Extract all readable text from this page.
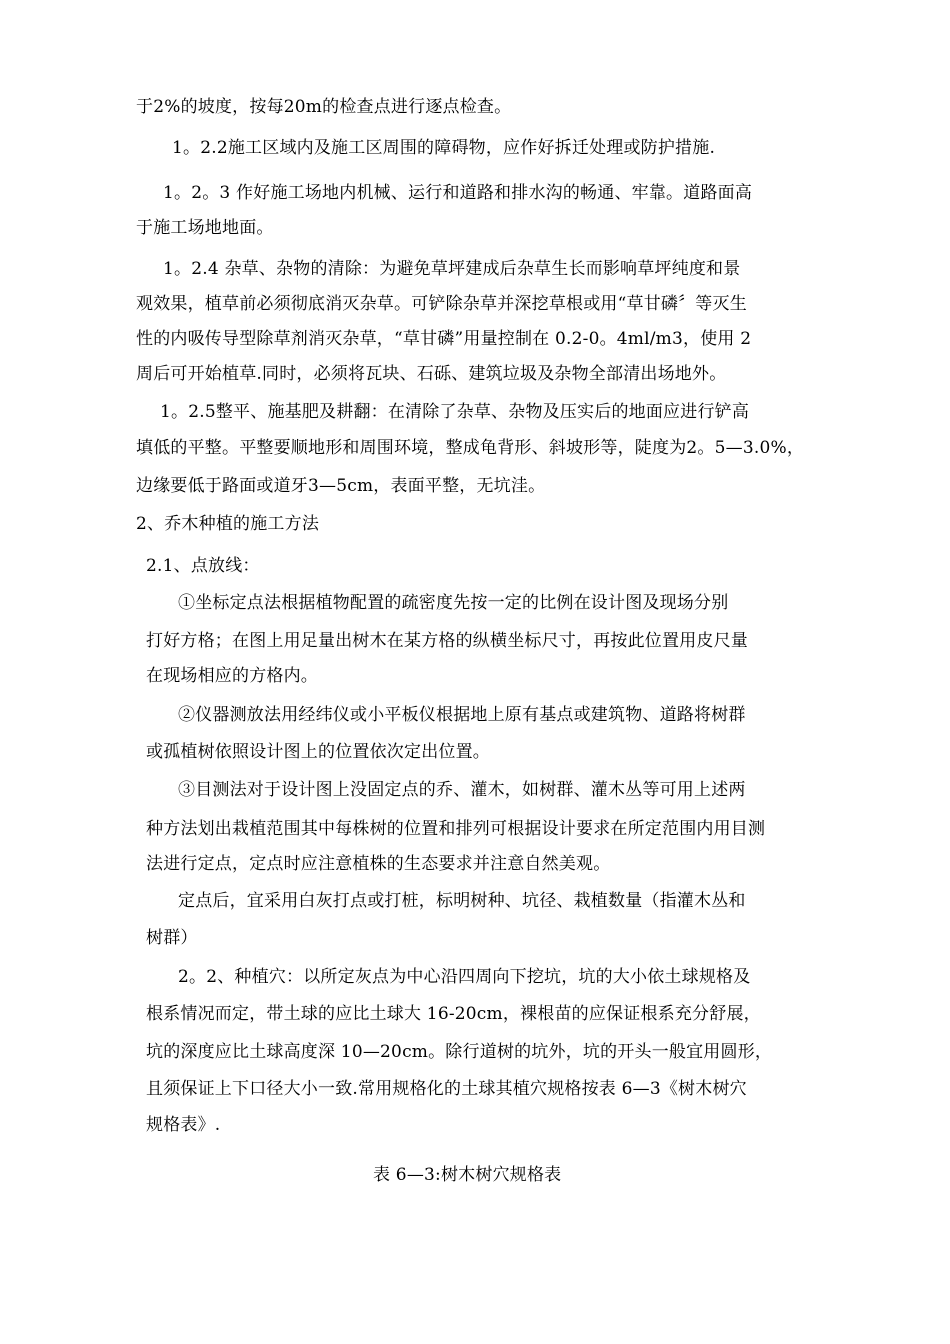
于2%的坡度，按每20m的检查点进行逐点检查。
1。2.2施工区域内及施工区周围的障碍物，应作好拆迁处理或防护措施.
1。2。3 作好施工场地内机械、运行和道路和排水沟的畅通、牢靠。道路面高
于施工场地地面。
1。2.4 杂草、杂物的清除：为避免草坪建成后杂草生长而影响草坪纯度和景
观效果，植草前必须彻底消灭杂草。可铲除杂草并深挖草根或用“草甘磷〞等灭生
性的内吸传导型除草剂消灭杂草，“草甘磷”用量控制在 0.2-0。4ml/m3，使用 2
周后可开始植草.同时，必须将瓦块、石砾、建筑垃圾及杂物全部清出场地外。
1。2.5整平、施基肥及耕翻：在清除了杂草、杂物及压实后的地面应进行铲高
填低的平整。平整要顺地形和周围环境，整成龟背形、斜坡形等，陡度为2。5—3.0%，
边缘要低于路面或道牙3—5cm，表面平整，无坑洼。
2、乔木种植的施工方法
2.1、点放线：
①坐标定点法根据植物配置的疏密度先按一定的比例在设计图及现场分别
打好方格；在图上用足量出树木在某方格的纵横坐标尺寸，再按此位置用皮尺量
在现场相应的方格内。
②仪器测放法用经纬仪或小平板仪根据地上原有基点或建筑物、道路将树群
或孤植树依照设计图上的位置依次定出位置。
③目测法对于设计图上没固定点的乔、灌木，如树群、灌木丛等可用上述两
种方法划出栽植范围其中每株树的位置和排列可根据设计要求在所定范围内用目测
法进行定点，定点时应注意植株的生态要求并注意自然美观。
定点后，宜采用白灰打点或打桩，标明树种、坑径、栽植数量（指灌木丛和
树群）
2。2、种植穴：以所定灰点为中心沿四周向下挖坑，坑的大小依土球规格及
根系情况而定，带土球的应比土球大 16-20cm，裸根苗的应保证根系充分舒展，
坑的深度应比土球高度深 10—20cm。除行道树的坑外，坑的开头一般宜用圆形，
且须保证上下口径大小一致.常用规格化的土球其植穴规格按表 6—3《树木树穴
规格表》.
表 6—3:树木树穴规格表
